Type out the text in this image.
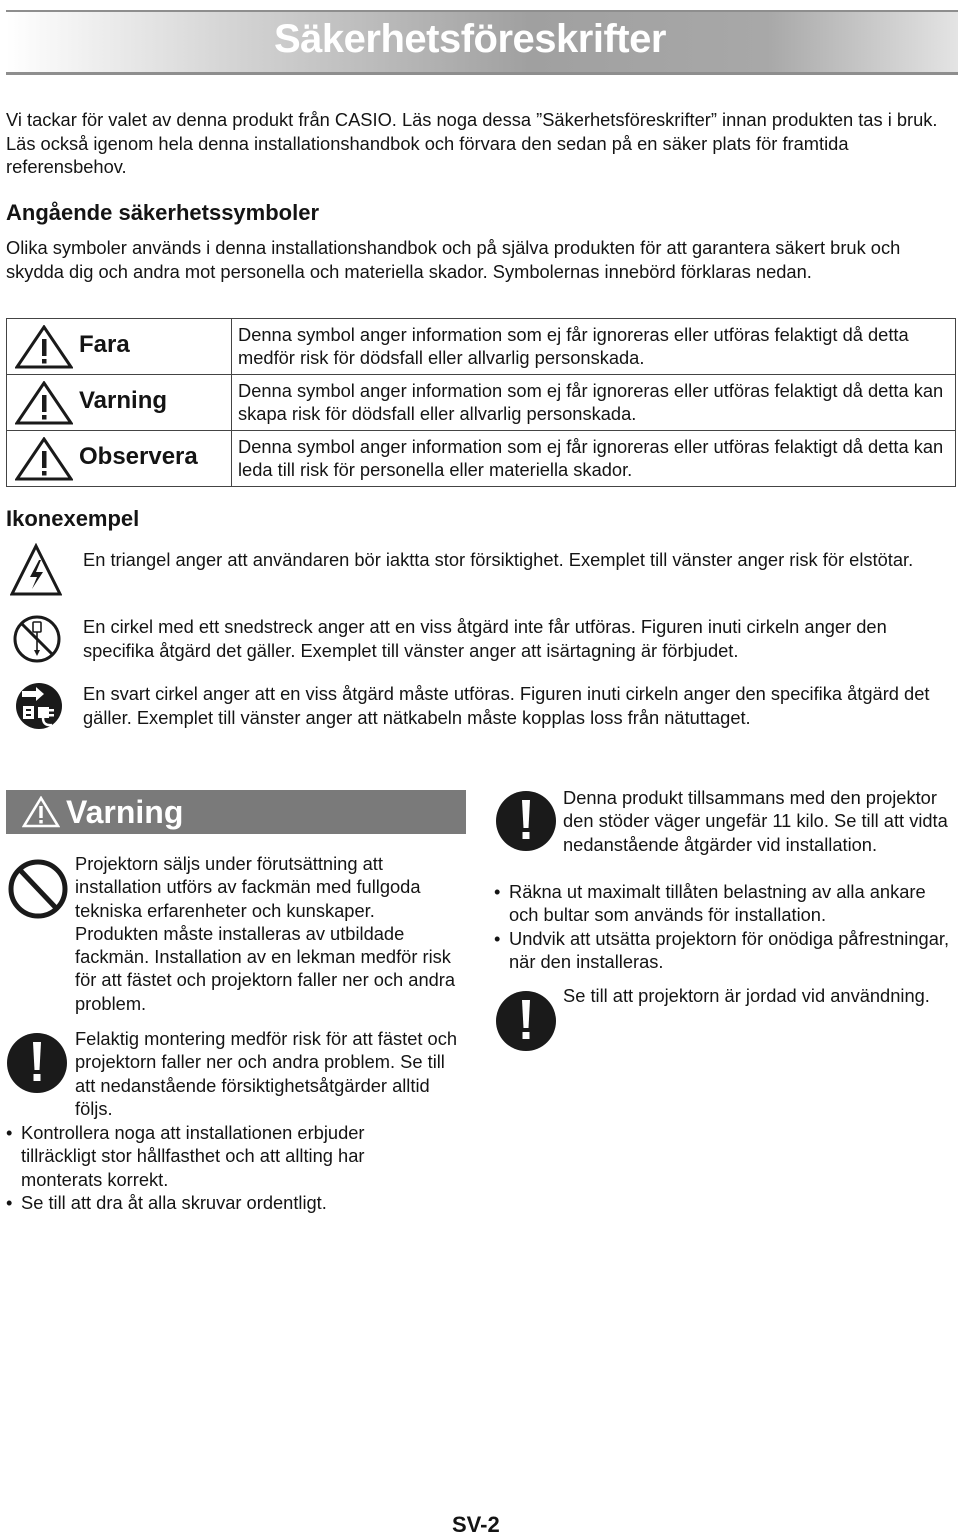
Säkerhetsföreskrifter

Vi tackar för valet av denna produkt från CASIO. Läs noga dessa ”Säkerhetsföreskrifter” innan produkten tas i bruk. Läs också igenom hela denna installationshandbok och förvara den sedan på en säker plats för framtida referensbehov.

Angående säkerhetssymboler

Olika symboler används i denna installationshandbok och på själva produkten för att garantera säkert bruk och skydda dig och andra mot personella och materiella skador. Symbolernas innebörd förklaras nedan.

Fara	Denna symbol anger information som ej får ignoreras eller utföras felaktigt då detta medför risk för dödsfall eller allvarlig personskada.

Varning	Denna symbol anger information som ej får ignoreras eller utföras felaktigt då detta kan skapa risk för dödsfall eller allvarlig personskada.

Observera	Denna symbol anger information som ej får ignoreras eller utföras felaktigt då detta kan leda till risk för personella eller materiella skador.
Ikonexempel

En triangel anger att användaren bör iaktta stor försiktighet. Exemplet till vänster anger risk för elstötar.

En cirkel med ett snedstreck anger att en viss åtgärd inte får utföras. Figuren inuti cirkeln anger den specifika åtgärd det gäller. Exemplet till vänster anger att isärtagning är förbjudet.

En svart cirkel anger att en viss åtgärd måste utföras. Figuren inuti cirkeln anger den specifika åtgärd det gäller. Exemplet till vänster anger att nätkabeln måste kopplas loss från nätuttaget.

Varning

Projektorn säljs under förutsättning att installation utförs av fackmän med fullgoda tekniska erfarenheter och kunskaper. Produkten måste installeras av utbildade fackmän. Installation av en lekman medför risk för att fästet och projektorn faller ner och andra problem.

Felaktig montering medför risk för att fästet och projektorn faller ner och andra problem. Se till att nedanstående försiktighetsåtgärder alltid följs.

• Kontrollera noga att installationen erbjuder tillräckligt stor hållfasthet och att allting har monterats korrekt.
• Se till att dra åt alla skruvar ordentligt.

Denna produkt tillsammans med den projektor den stöder väger ungefär 11 kilo. Se till att vidta nedanstående åtgärder vid installation.

• Räkna ut maximalt tillåten belastning av alla ankare och bultar som används för installation.
• Undvik att utsätta projektorn för onödiga påfrestningar, när den installeras.

Se till att projektorn är jordad vid användning.

SV-2
